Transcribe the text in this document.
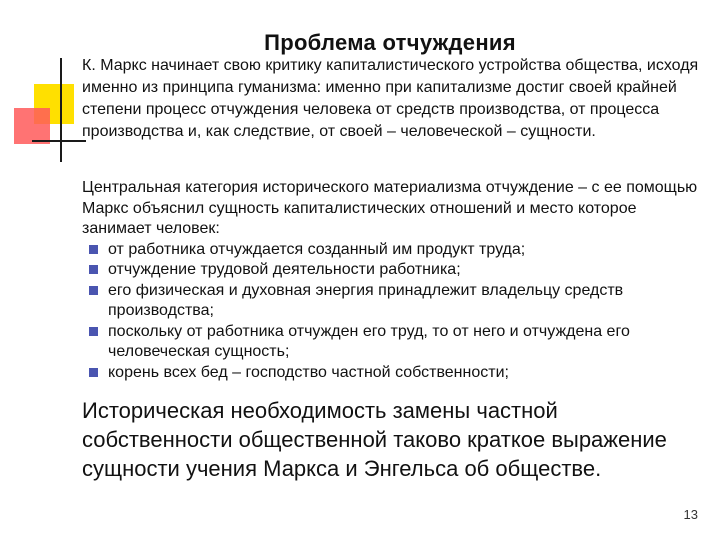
Проблема отчуждения
К. Маркс начинает свою критику капиталистического устройства общества, исходя именно из принципа гуманизма: именно при капитализме достиг своей крайней степени процесс отчуждения человека от средств производства, от процесса производства и, как следствие, от своей – человеческой – сущности.
Центральная категория исторического материализма отчуждение – с ее помощью Маркс объяснил сущность капиталистических отношений и место которое занимает человек:
от работника отчуждается созданный им продукт труда;
отчуждение трудовой деятельности работника;
его физическая и духовная энергия принадлежит владельцу средств производства;
поскольку от работника отчужден его труд, то от него и отчуждена его человеческая сущность;
корень всех бед – господство частной собственности;
Историческая необходимость замены частной собственности общественной таково краткое выражение сущности учения Маркса и Энгельса об обществе.
13
